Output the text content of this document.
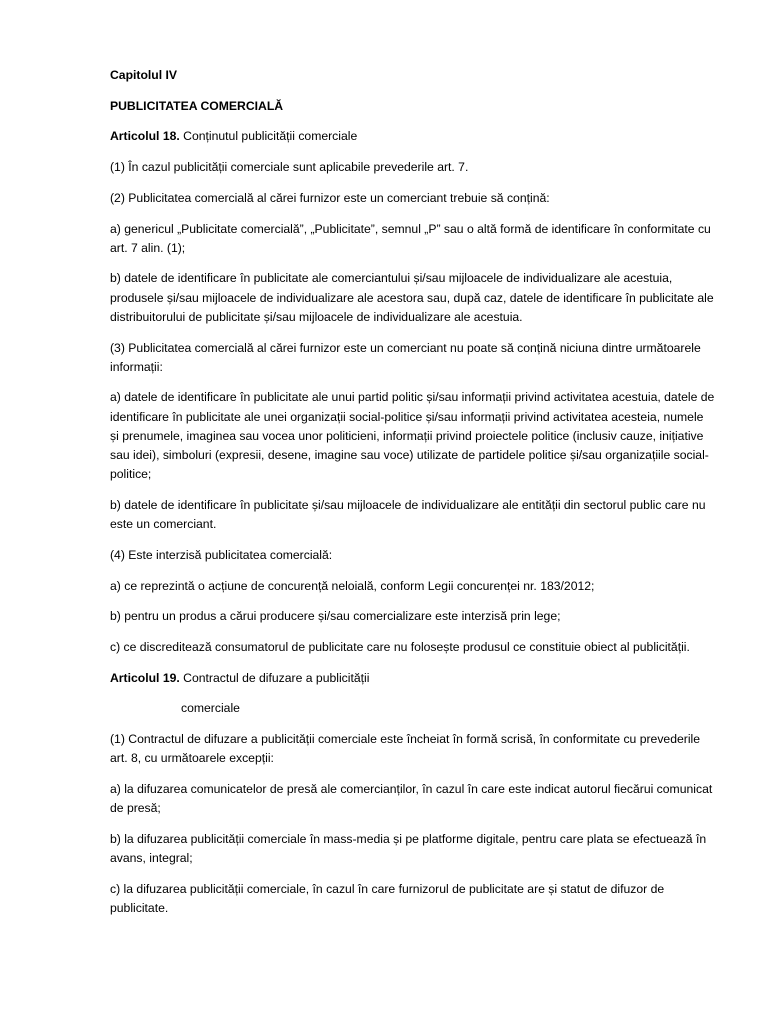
Capitolul IV

PUBLICITATEA COMERCIALĂ

Articolul 18. Conținutul publicității comerciale

(1) În cazul publicității comerciale sunt aplicabile prevederile art. 7.

(2) Publicitatea comercială al cărei furnizor este un comerciant trebuie să conțină:

a) genericul „Publicitate comercială”, „Publicitate”, semnul „P” sau o altă formă de identificare în conformitate cu art. 7 alin. (1);

b) datele de identificare în publicitate ale comerciantului și/sau mijloacele de individualizare ale acestuia, produsele și/sau mijloacele de individualizare ale acestora sau, după caz, datele de identificare în publicitate ale distribuitorului de publicitate și/sau mijloacele de individualizare ale acestuia.

(3) Publicitatea comercială al cărei furnizor este un comerciant nu poate să conțină niciuna dintre următoarele informații:

a) datele de identificare în publicitate ale unui partid politic și/sau informații privind activitatea acestuia, datele de identificare în publicitate ale unei organizații social-politice și/sau informații privind activitatea acesteia, numele și prenumele, imaginea sau vocea unor politicieni, informații privind proiectele politice (inclusiv cauze, inițiative sau idei), simboluri (expresii, desene, imagine sau voce) utilizate de partidele politice și/sau organizațiile social-politice;

b) datele de identificare în publicitate și/sau mijloacele de individualizare ale entității din sectorul public care nu este un comerciant.

(4) Este interzisă publicitatea comercială:

a) ce reprezintă o acțiune de concurență neloială, conform Legii concurenței nr. 183/2012;

b) pentru un produs a cărui producere și/sau comercializare este interzisă prin lege;

c) ce discreditează consumatorul de publicitate care nu folosește produsul ce constituie obiect al publicității.

Articolul 19. Contractul de difuzare a publicității

comerciale

(1) Contractul de difuzare a publicității comerciale este încheiat în formă scrisă, în conformitate cu prevederile art. 8, cu următoarele excepții:

a) la difuzarea comunicatelor de presă ale comercianților, în cazul în care este indicat autorul fiecărui comunicat de presă;

b) la difuzarea publicității comerciale în mass-media și pe platforme digitale, pentru care plata se efectuează în avans, integral;

c) la difuzarea publicității comerciale, în cazul în care furnizorul de publicitate are și statut de difuzor de publicitate.
